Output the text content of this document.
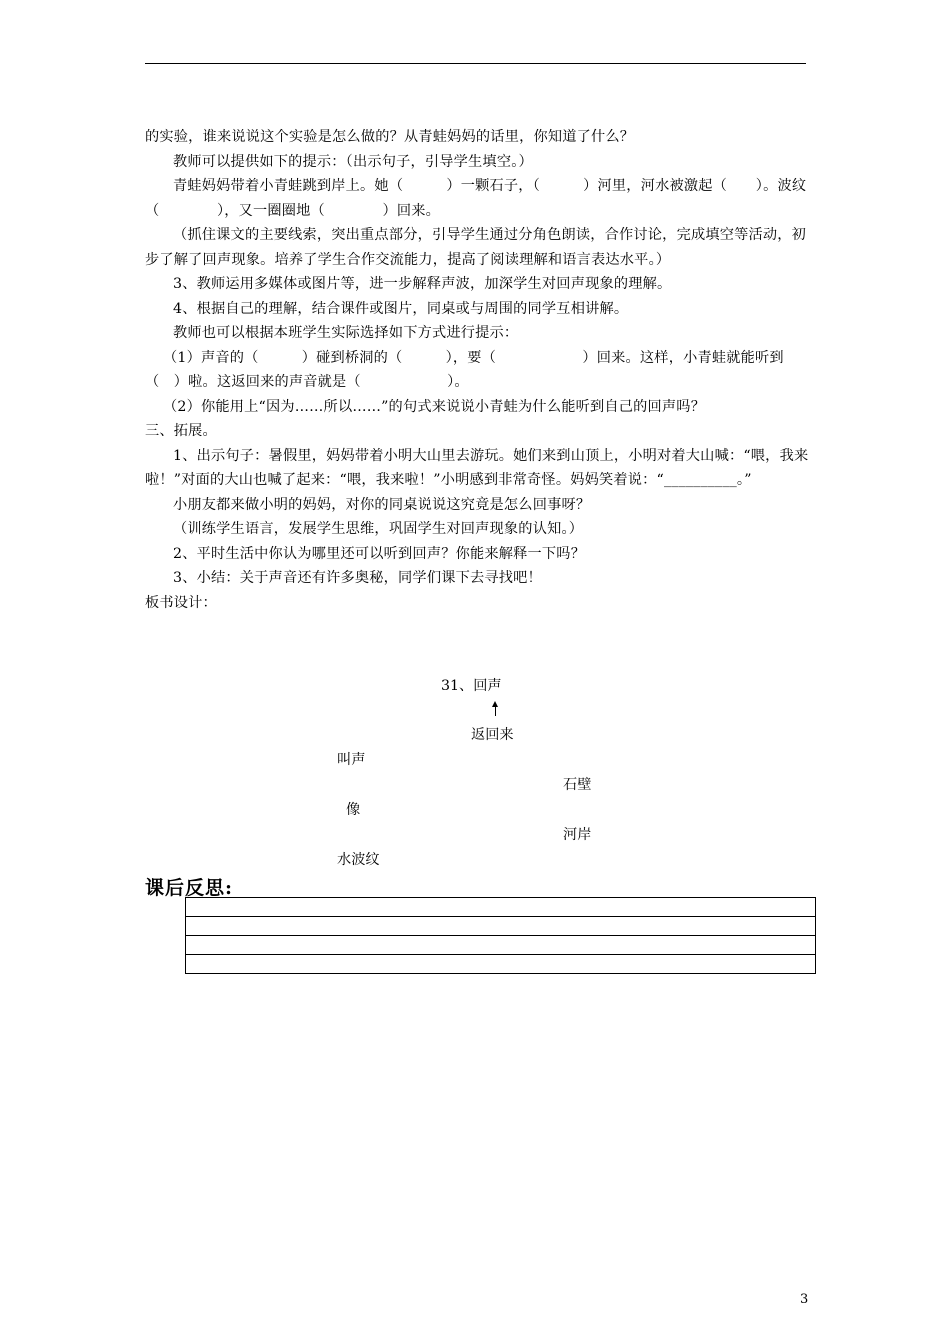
的实验，谁来说说这个实验是怎么做的？从青蛙妈妈的话里，你知道了什么？

教师可以提供如下的提示：（出示句子，引导学生填空。）

青蛙妈妈带着小青蛙跳到岸上。她（　　　）一颗石子，（　　　）河里，河水被激起（　　）。波纹（　　　　），又一圈圈地（　　　　）回来。

（抓住课文的主要线索，突出重点部分，引导学生通过分角色朗读，合作讨论，完成填空等活动，初步了解了回声现象。培养了学生合作交流能力，提高了阅读理解和语言表达水平。）

3、教师运用多媒体或图片等，进一步解释声波，加深学生对回声现象的理解。

4、根据自己的理解，结合课件或图片，同桌或与周围的同学互相讲解。

教师也可以根据本班学生实际选择如下方式进行提示：

（1）声音的（　　　）碰到桥洞的（　　　），要（　　　　　　）回来。这样，小青蛙就能听到（　）啦。这返回来的声音就是（　　　　　　）。

（2）你能用上“因为……所以……”的句式来说说小青蛙为什么能听到自己的回声吗？

三、拓展。

1、出示句子：暑假里，妈妈带着小明大山里去游玩。她们来到山顶上，小明对着大山喊：“喂，我来啦！”对面的大山也喊了起来：“喂，我来啦！”小明感到非常奇怪。妈妈笑着说：“__________。”

小朋友都来做小明的妈妈，对你的同桌说说这究竟是怎么回事呀？

（训练学生语言，发展学生思维，巩固学生对回声现象的认知。）

2、平时生活中你认为哪里还可以听到回声？你能来解释一下吗？

3、小结：关于声音还有许多奥秘，同学们课下去寻找吧！

板书设计：

31、回声
返回来
叫声
石壁
像
河岸
水波纹
课后反思:

3
